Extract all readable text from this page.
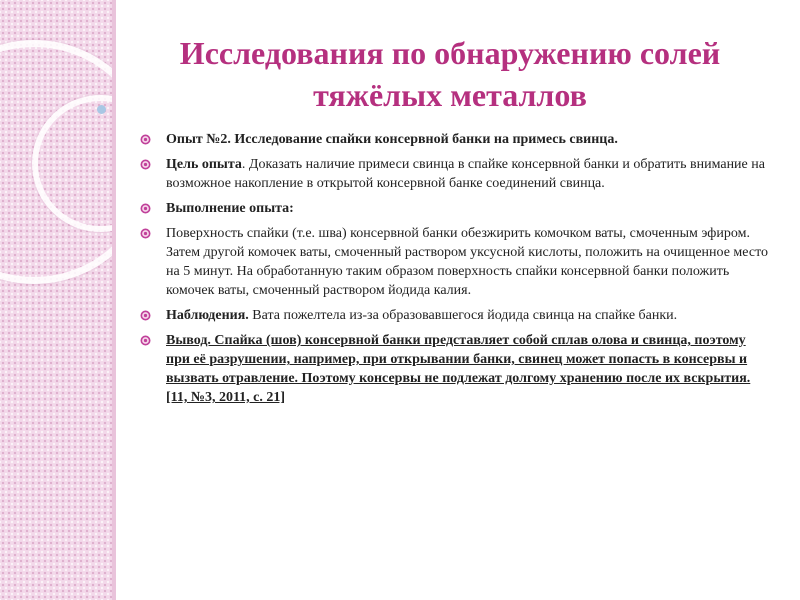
Исследования по обнаружению солей
тяжёлых металлов
Опыт №2. Исследование спайки консервной банки на примесь свинца.
Цель опыта. Доказать наличие примеси свинца в спайке консервной банки и обратить внимание на возможное накопление в открытой консервной банке соединений свинца.
Выполнение опыта:
Поверхность спайки (т.е. шва) консервной банки обезжирить комочком ваты, смоченным эфиром. Затем другой комочек ваты, смоченный раствором уксусной кислоты, положить на очищенное место на 5 минут. На обработанную таким образом поверхность спайки консервной банки положить комочек ваты, смоченный раствором йодида калия.
Наблюдения. Вата пожелтела из-за образовавшегося йодида свинца на спайке банки.
Вывод. Спайка (шов) консервной банки представляет собой сплав олова и свинца, поэтому при её разрушении, например, при открывании банки, свинец может попасть в консервы и вызвать отравление. Поэтому консервы не подлежат долгому хранению после их вскрытия. [11, №3, 2011, с. 21]
